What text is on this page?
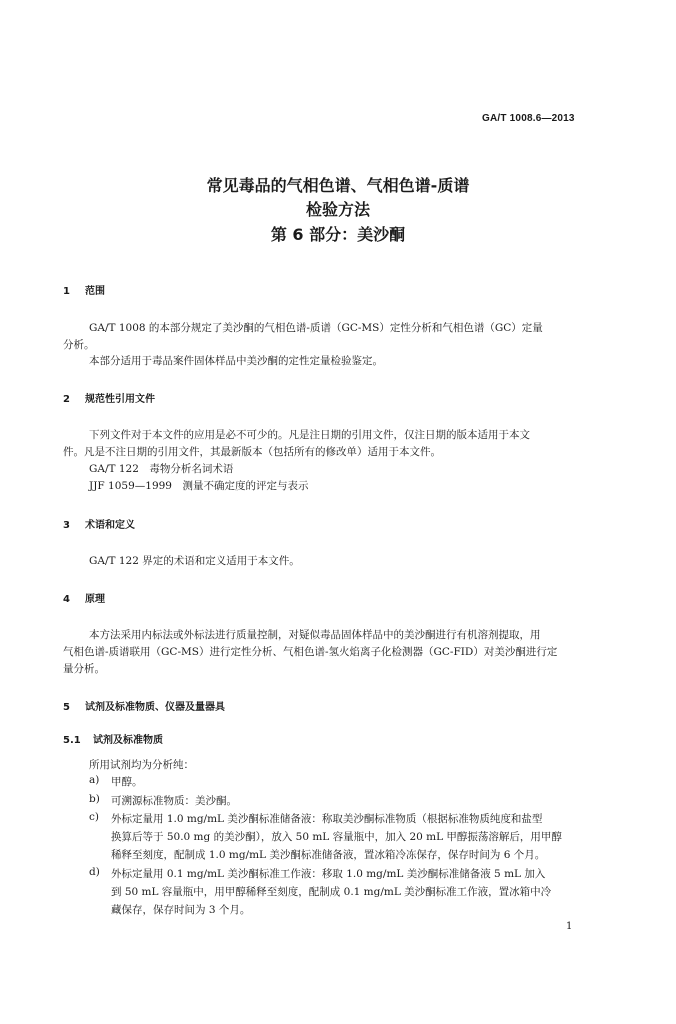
GA/T 1008.6—2013
常见毒品的气相色谱、气相色谱-质谱
检验方法
第 6 部分：美沙酮
1 范围
GA/T 1008 的本部分规定了美沙酮的气相色谱-质谱（GC-MS）定性分析和气相色谱（GC）定量
分析。
本部分适用于毒品案件固体样品中美沙酮的定性定量检验鉴定。
2 规范性引用文件
下列文件对于本文件的应用是必不可少的。凡是注日期的引用文件，仅注日期的版本适用于本文
件。凡是不注日期的引用文件，其最新版本（包括所有的修改单）适用于本文件。
GA/T 122　毒物分析名词术语
JJF 1059—1999　测量不确定度的评定与表示
3 术语和定义
GA/T 122 界定的术语和定义适用于本文件。
4 原理
本方法采用内标法或外标法进行质量控制，对疑似毒品固体样品中的美沙酮进行有机溶剂提取，用
气相色谱-质谱联用（GC-MS）进行定性分析、气相色谱-氢火焰离子化检测器（GC-FID）对美沙酮进行定
量分析。
5 试剂及标准物质、仪器及量器具
5.1 试剂及标准物质
所用试剂均为分析纯：
a) 甲醇。
b) 可溯源标准物质：美沙酮。
c) 外标定量用 1.0 mg/mL 美沙酮标准储备液：称取美沙酮标准物质（根据标准物质纯度和盐型
换算后等于 50.0 mg 的美沙酮），放入 50 mL 容量瓶中，加入 20 mL 甲醇振荡溶解后，用甲醇
稀释至刻度，配制成 1.0 mg/mL 美沙酮标准储备液，置冰箱冷冻保存，保存时间为 6 个月。
d) 外标定量用 0.1 mg/mL 美沙酮标准工作液：移取 1.0 mg/mL 美沙酮标准储备液 5 mL 加入
到 50 mL 容量瓶中，用甲醇稀释至刻度，配制成 0.1 mg/mL 美沙酮标准工作液，置冰箱中冷
藏保存，保存时间为 3 个月。
1
